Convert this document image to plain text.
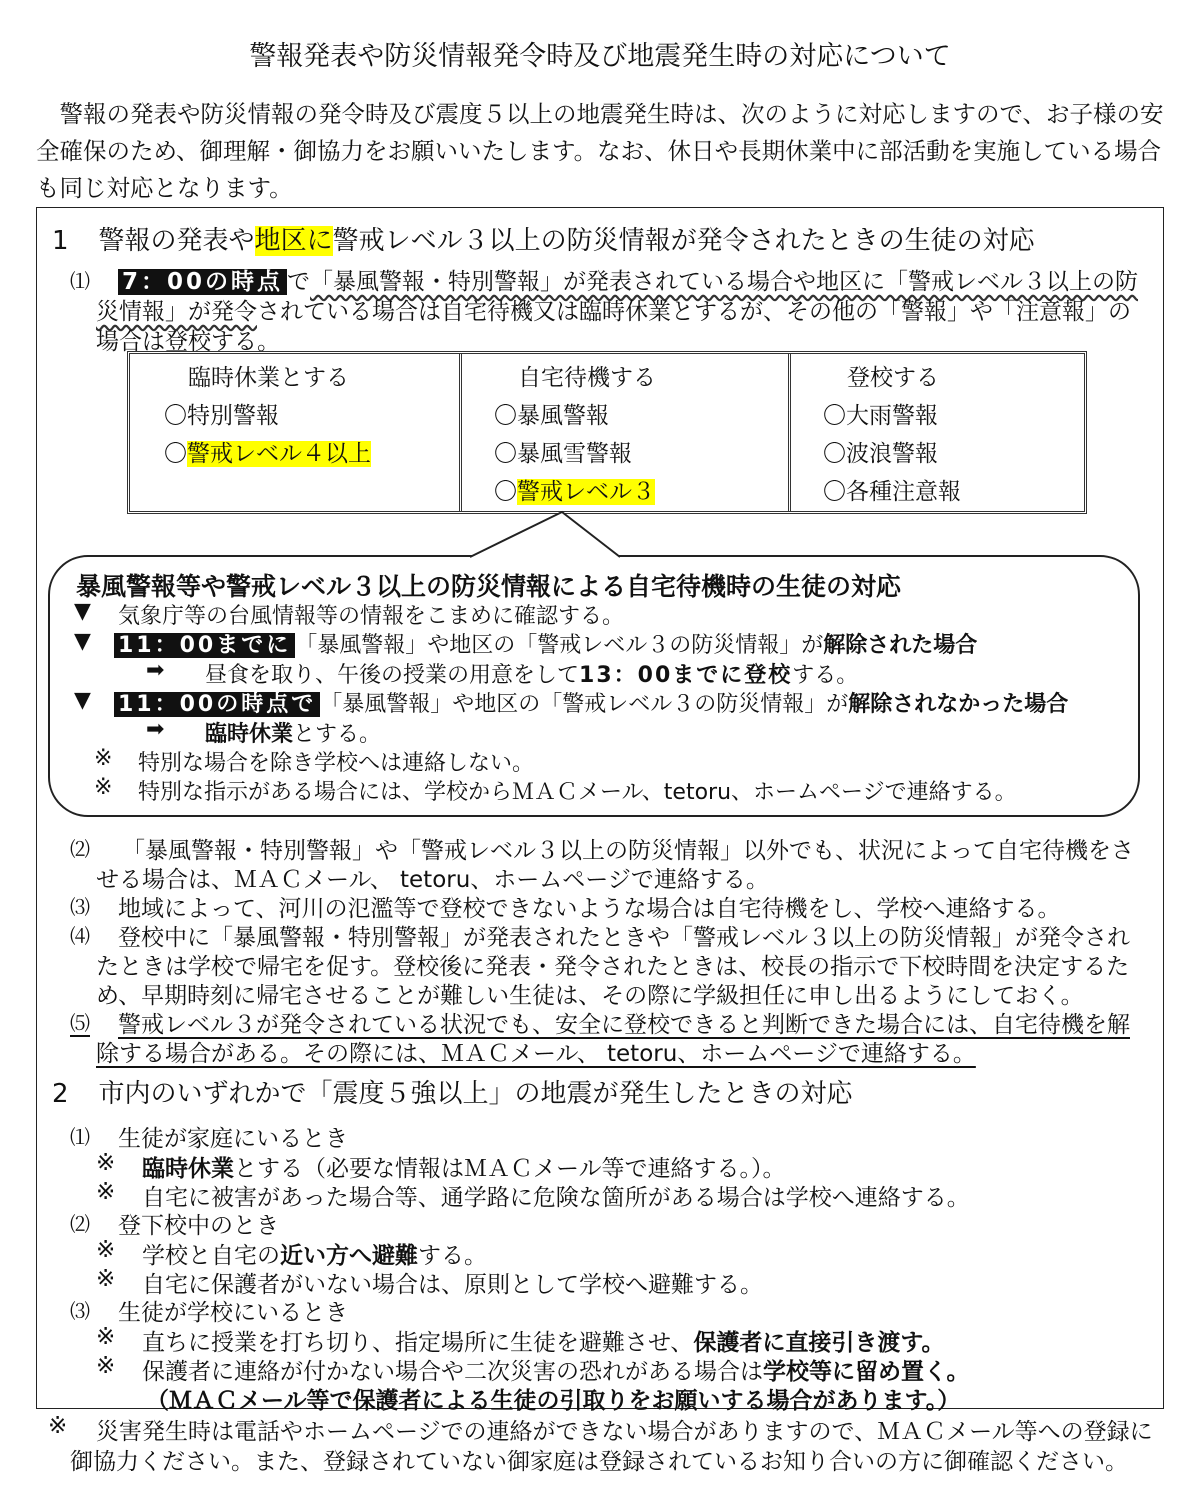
警報発表や防災情報発令時及び地震発生時の対応について
　警報の発表や防災情報の発令時及び震度５以上の地震発生時は、次のように対応しますので、お子様の安全確保のため、御理解・御協力をお願いいたします。なお、休日や長期休業中に部活動を実施している場合も同じ対応となります。
1 警報の発表や地区に警戒レベル３以上の防災情報が発令されたときの生徒の対応
⑴ 7：00の時点 で「暴風警報・特別警報」が発表されている場合や地区に「警戒レベル３以上の防
災情報」が発令されている場合は自宅待機又は臨時休業とするが、その他の「警報」や「注意報」の
場合は登校する。
臨時休業とする
〇特別警報
〇警戒レベル４以上
自宅待機する
〇暴風警報
〇暴風雪警報
〇警戒レベル３
登校する
〇大雨警報
〇波浪警報
〇各種注意報
暴風警報等や警戒レベル３以上の防災情報による自宅待機時の生徒の対応
▼ 気象庁等の台風情報等の情報をこまめに確認する。
▼ 11：00までに 「暴風警報」や地区の「警戒レベル３の防災情報」が解除された場合
➡ 昼食を取り、午後の授業の用意をして13：00までに登校する。
▼ 11：00の時点で 「暴風警報」や地区の「警戒レベル３の防災情報」が解除されなかった場合
➡ 臨時休業とする。
※ 特別な場合を除き学校へは連絡しない。
※ 特別な指示がある場合には、学校からＭＡＣメール、tetoru、ホームページで連絡する。
⑵ 「暴風警報・特別警報」や「警戒レベル３以上の防災情報」以外でも、状況によって自宅待機をさ
せる場合は、ＭＡＣメール、 tetoru、ホームページで連絡する。
⑶ 地域によって、河川の氾濫等で登校できないような場合は自宅待機をし、学校へ連絡する。
⑷ 登校中に「暴風警報・特別警報」が発表されたときや「警戒レベル３以上の防災情報」が発令され
たときは学校で帰宅を促す。登校後に発表・発令されたときは、校長の指示で下校時間を決定するた
め、早期時刻に帰宅させることが難しい生徒は、その際に学級担任に申し出るようにしておく。
⑸ 警戒レベル３が発令されている状況でも、安全に登校できると判断できた場合には、自宅待機を解
除する場合がある。その際には、ＭＡＣメール、 tetoru、ホームページで連絡する。
2 市内のいずれかで「震度５強以上」の地震が発生したときの対応
⑴ 生徒が家庭にいるとき
※ 臨時休業とする（必要な情報はＭＡＣメール等で連絡する。）。
※ 自宅に被害があった場合等、通学路に危険な箇所がある場合は学校へ連絡する。
⑵ 登下校中のとき
※ 学校と自宅の近い方へ避難する。
※ 自宅に保護者がいない場合は、原則として学校へ避難する。
⑶ 生徒が学校にいるとき
※ 直ちに授業を打ち切り、指定場所に生徒を避難させ、保護者に直接引き渡す。
※ 保護者に連絡が付かない場合や二次災害の恐れがある場合は学校等に留め置く。
（ＭＡＣメール等で保護者による生徒の引取りをお願いする場合があります。）
※ 災害発生時は電話やホームページでの連絡ができない場合がありますので、ＭＡＣメール等への登録に
御協力ください。また、登録されていない御家庭は登録されているお知り合いの方に御確認ください。
